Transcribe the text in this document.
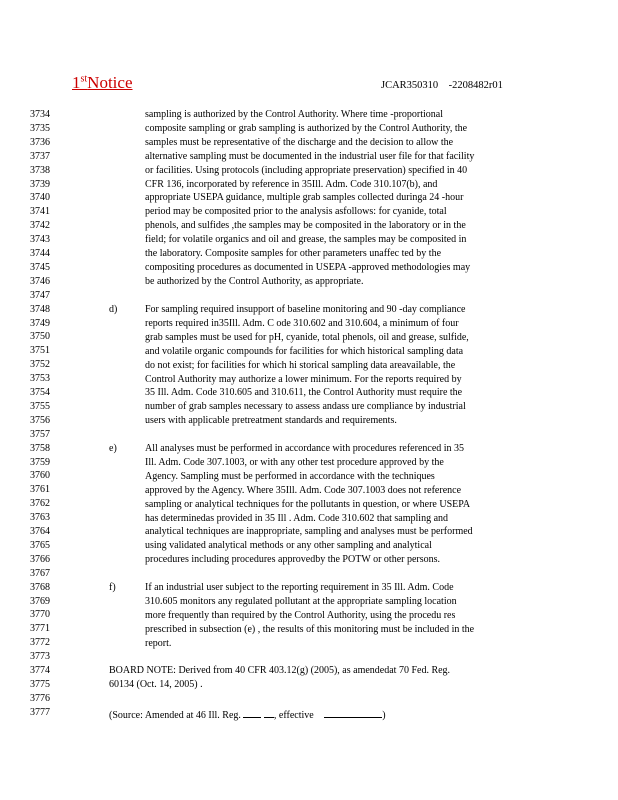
1stNotice	JCAR350310    -2208482r01
3734
3735
3736
3737
3738
3739
3740
3741
3742
3743
3744
3745
3746
3747
3748
3749
3750
3751
3752
3753
3754
3755
3756
3757
3758
3759
3760
3761
3762
3763
3764
3765
3766
3767
3768
3769
3770
3771
3772
3773
3774
3775
3776
3777
sampling is authorized by the Control Authority. Where time -proportional
composite sampling or grab sampling is authorized by the Control Authority, the
samples must be representative of the discharge and the decision to allow the
alternative sampling must be documented in the industrial user file for that facility
or facilities. Using protocols (including appropriate preservation) specified in 40
CFR 136, incorporated by reference in 35Ill. Adm. Code 310.107(b), and
appropriate USEPA guidance, multiple grab samples collected duringa 24 -hour
period may be composited prior to the analysis asfollows: for cyanide, total
phenols, and sulfides ,the samples may be composited in the laboratory or in the
field; for volatile organics and oil and grease, the samples may be composited in
the laboratory. Composite samples for other parameters unaffec ted by the
compositing procedures as documented in USEPA -approved methodologies may
be authorized by the Control Authority, as appropriate.
d)	For sampling required insupport of baseline monitoring and 90 -day compliance
reports required in35Ill. Adm. C ode 310.602 and 310.604, a minimum of four
grab samples must be used for pH, cyanide, total phenols, oil and grease, sulfide,
and volatile organic compounds for facilities for which historical sampling data
do not exist; for facilities for which hi storical sampling data areavailable, the
Control Authority may authorize a lower minimum. For the reports required by
35 Ill. Adm. Code 310.605 and 310.611, the Control Authority must require the
number of grab samples necessary to assess andass ure compliance by industrial
users with applicable pretreatment standards and requirements.
e)	All analyses must be performed in accordance with procedures referenced in 35
Ill. Adm. Code 307.1003, or with any other test procedure approved by the
Agency. Sampling must be performed in accordance with the techniques
approved by the Agency. Where 35Ill. Adm. Code 307.1003 does not reference
sampling or analytical techniques for the pollutants in question, or where USEPA
has determinedas provided in 35 Ill . Adm. Code 310.602 that sampling and
analytical techniques are inappropriate, sampling and analyses must be performed
using validated analytical methods or any other sampling and analytical
procedures including procedures approvedby the POTW or other persons.
f)	If an industrial user subject to the reporting requirement in 35 Ill. Adm. Code
310.605 monitors any regulated pollutant at the appropriate sampling location
more frequently than required by the Control Authority, using the procedu res
prescribed in subsection (e) , the results of this monitoring must be included in the
report.
BOARD NOTE: Derived from 40 CFR 403.12(g) (2005), as amendedat 70 Fed. Reg.
60134 (Oct. 14, 2005) .
(Source: Amended at 46 Ill. Reg.	, effective	)
